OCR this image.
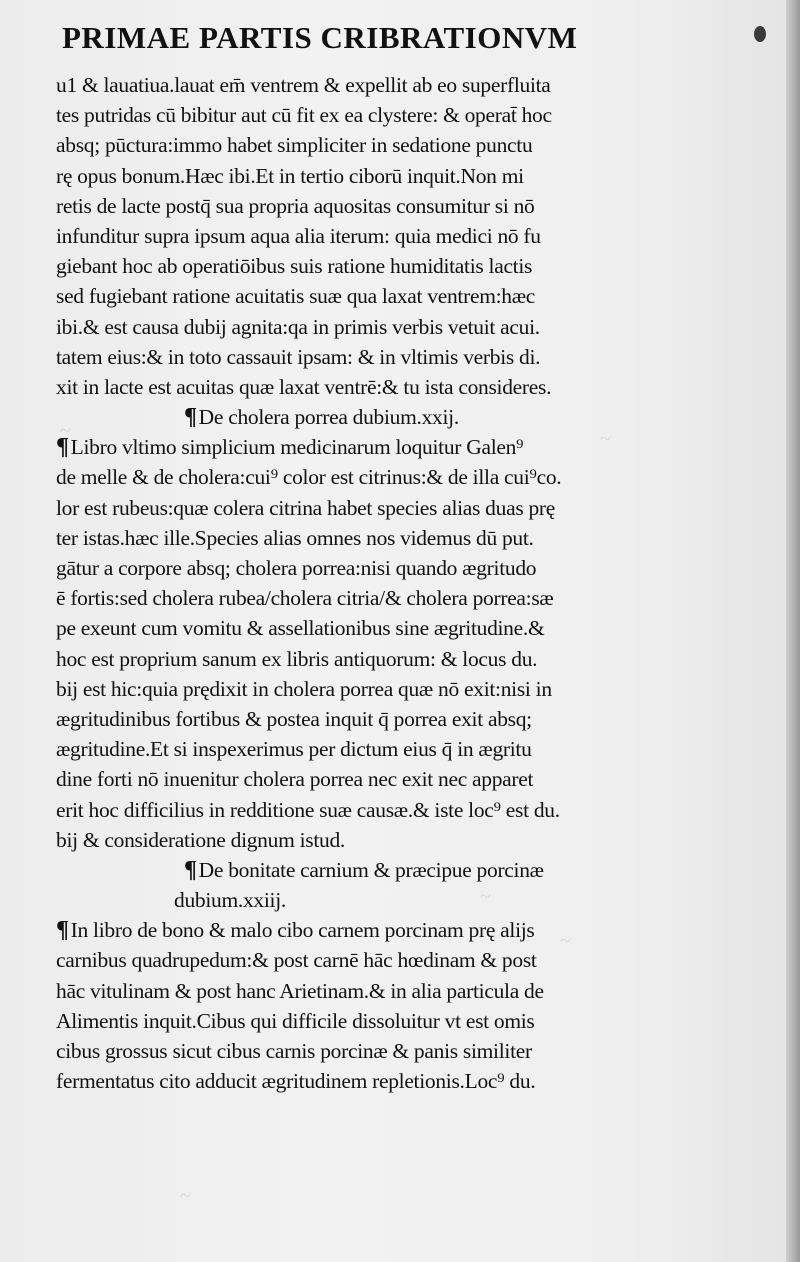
~	~
~
~
~
PRIMAE PARTIS CRIBRATIONVM
u1 & lauatiua.lauat em̄ ventrem & expellit ab eo superfluita
tes putridas cū bibitur aut cū fit ex ea clystere: & operat̄ hoc
absq; pūctura:immo habet simpliciter in sedatione punctu
rę opus bonum.Hæc ibi.Et in tertio ciborū inquit.Non mi
retis de lacte postq̄ sua propria aquositas consumitur si nō
infunditur supra ipsum aqua alia iterum: quia medici nō fu
giebant hoc ab operatiōibus suis ratione humiditatis lactis
sed fugiebant ratione acuitatis suæ qua laxat ventrem:hæc
ibi.& est causa dubij agnita:qa in primis verbis vetuit acui.
tatem eius:& in toto cassauit ipsam: & in vltimis verbis di.
xit in lacte est acuitas quæ laxat ventrē:& tu ista consideres.
¶De cholera porrea dubium.xxij.
¶Libro vltimo simplicium medicinarum loquitur Galen⁹
de melle & de cholera:cui⁹ color est citrinus:& de illa cui⁹co.
lor est rubeus:quæ colera citrina habet species alias duas prę
ter istas.hæc ille.Species alias omnes nos videmus dū put.
gātur a corpore absq; cholera porrea:nisi quando ægritudo
ē fortis:sed cholera rubea/cholera citria/& cholera porrea:sæ
pe exeunt cum vomitu & assellationibus sine ægritudine.&
hoc est proprium sanum ex libris antiquorum: & locus du.
bij est hic:quia prędixit in cholera porrea quæ nō exit:nisi in
ægritudinibus fortibus & postea inquit q̄ porrea exit absq;
ægritudine.Et si inspexerimus per dictum eius q̄ in ægritu
dine forti nō inuenitur cholera porrea nec exit nec apparet
erit hoc difficilius in redditione suæ causæ.& iste loc⁹ est du.
bij & consideratione dignum istud.
¶De bonitate carnium & præcipue porcinæ
dubium.xxiij.
¶In libro de bono & malo cibo carnem porcinam prę alijs
carnibus quadrupedum:& post carnē hāc hœdinam & post
hāc vitulinam & post hanc Arietinam.& in alia particula de
Alimentis inquit.Cibus qui difficile dissoluitur vt est omis
cibus grossus sicut cibus carnis porcinæ & panis similiter
fermentatus cito adducit ægritudinem repletionis.Loc⁹ du.
